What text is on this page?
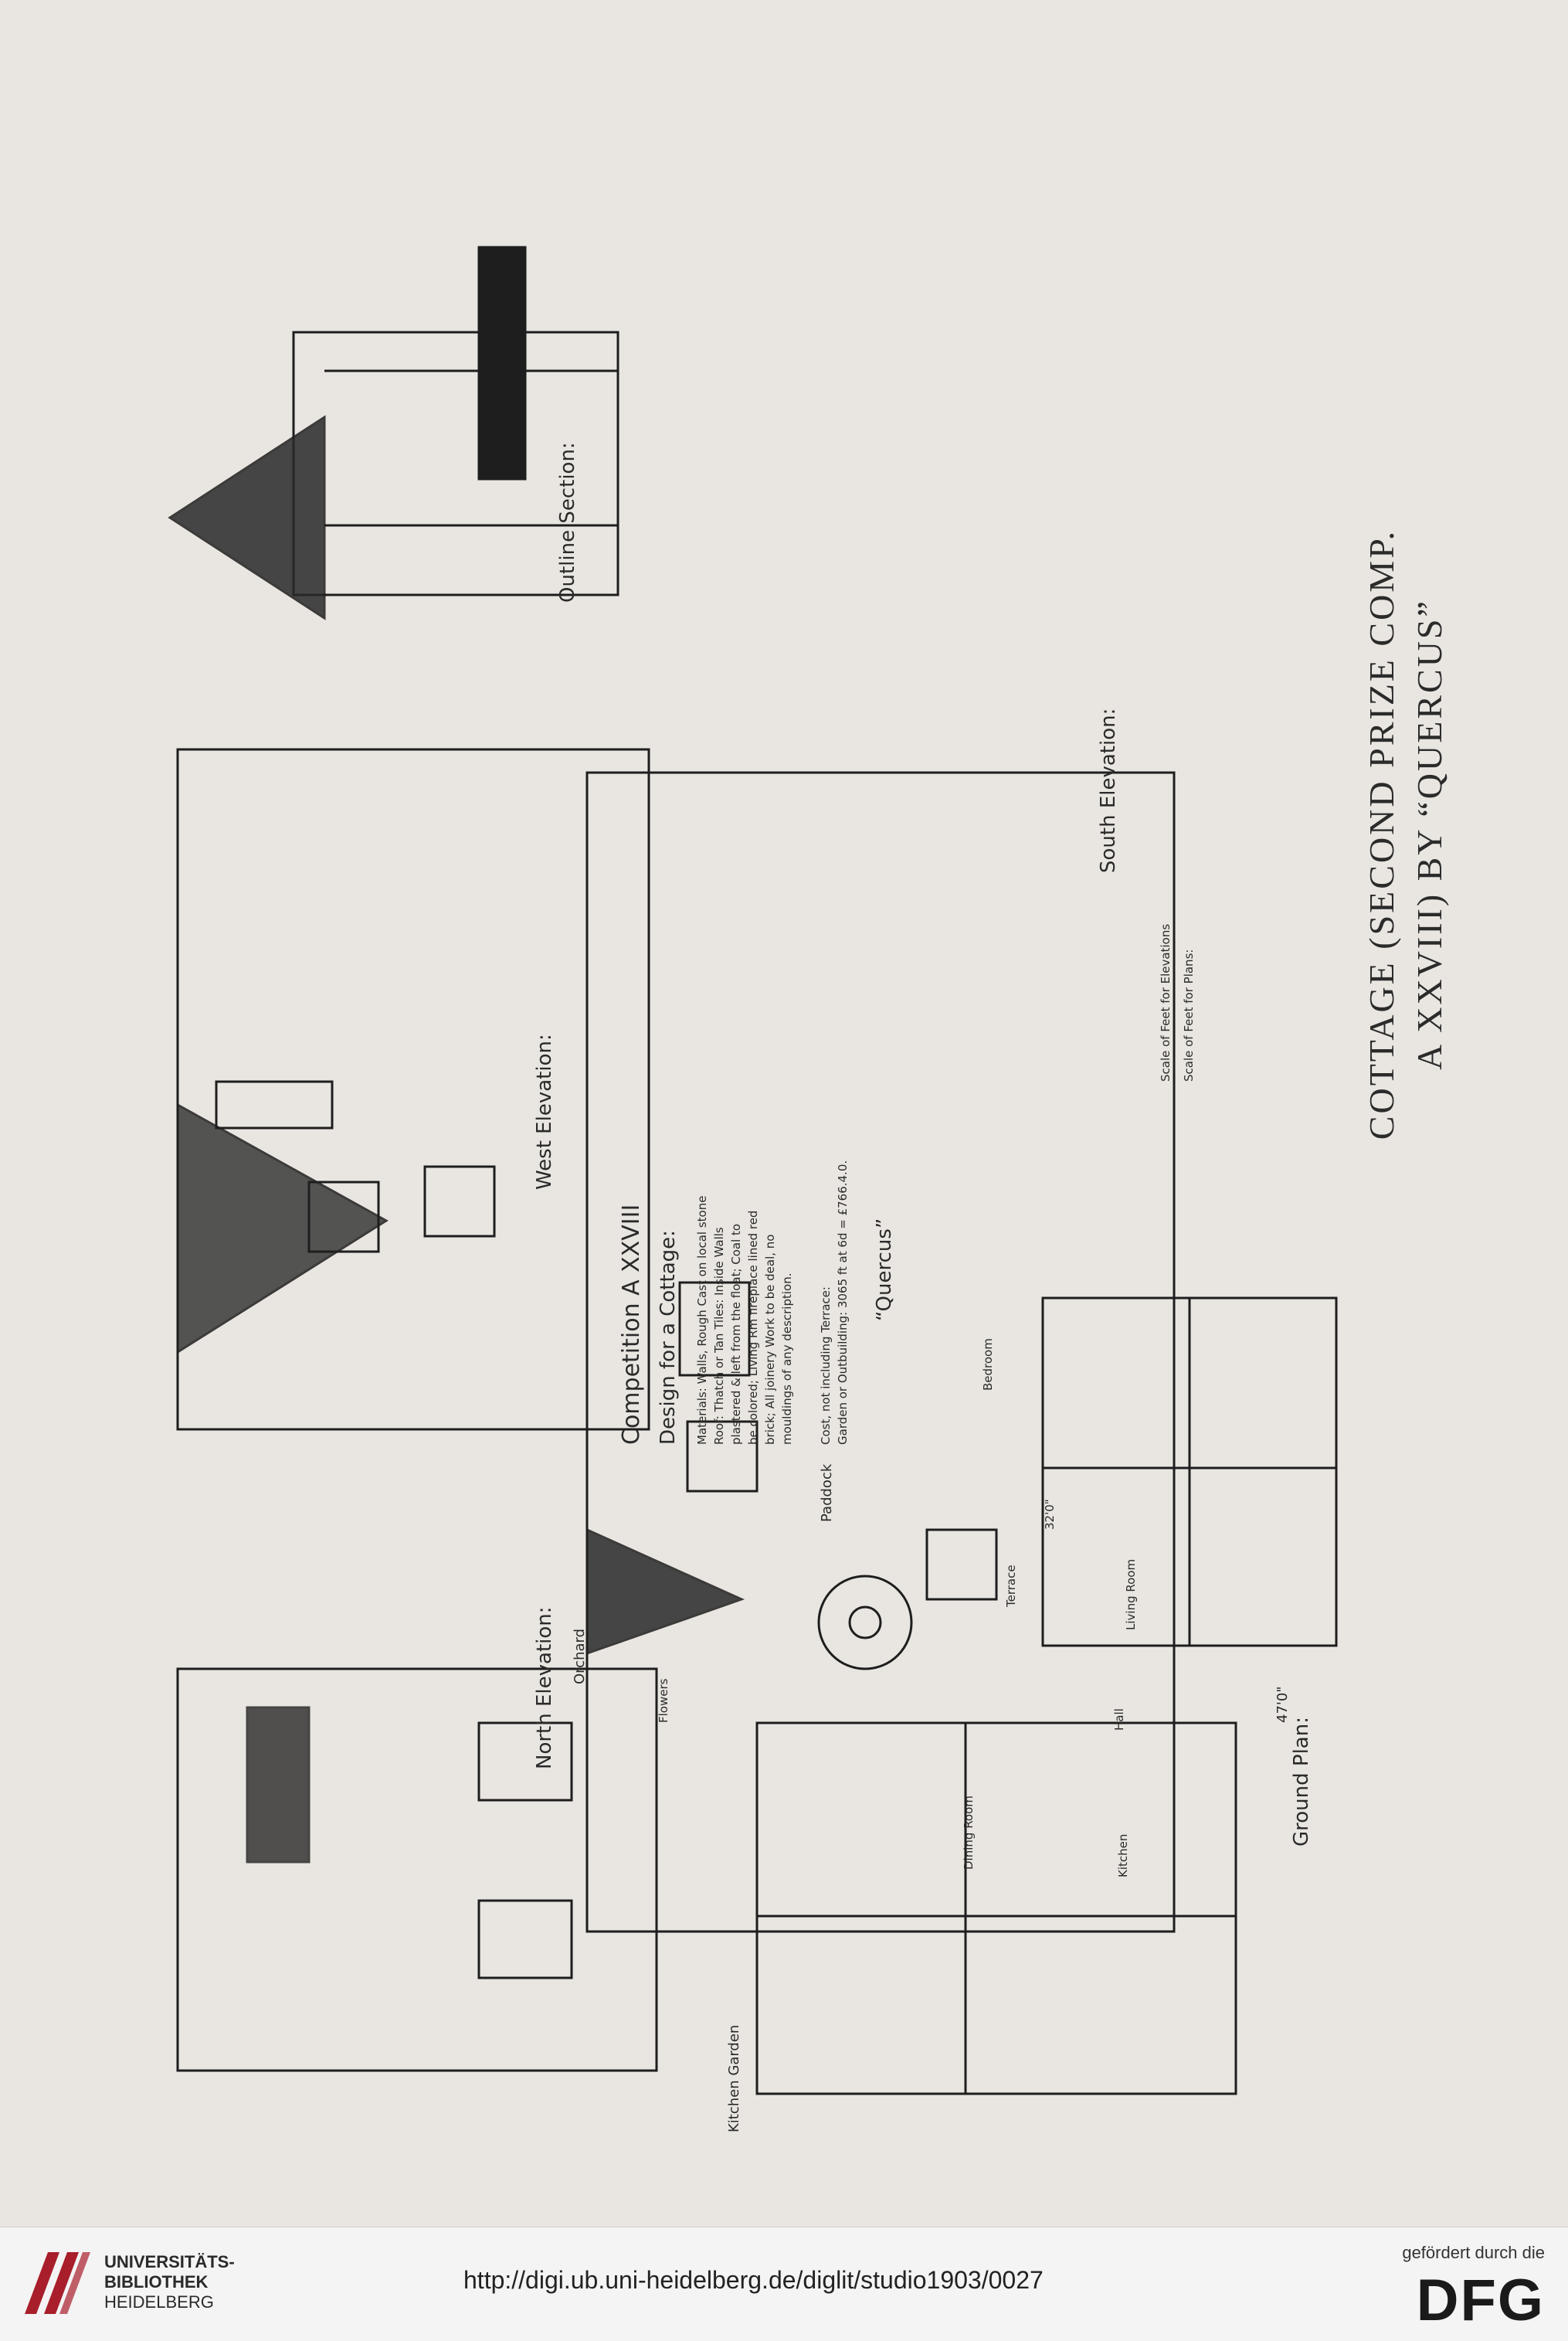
Outline Section:
West Elevation:
South Elevation:
North Elevation:
Ground Plan:
Competition A XXVIII Design for a Cottage: Materials: Walls, Rough Cast on local stone Roof: Thatch or Tan Tiles: Inside Walls plastered & left from the float; Coal to be colored; Living Rm fireplace lined red brick; All joinery Work to be deal, no mouldings of any description. Cost, not including Terrace: Garden or Outbuilding: 3065 ft at 6d = £766.4.0. “Quercus”
Scale of Feet for Elevations Scale of Feet for Plans:
Orchard
Kitchen Garden
Paddock
Flowers
Terrace
Hall
Living Room
Dining Room	Kitchen
Bedroom
47'0"
32'0"
COTTAGE (SECOND PRIZE COMP. A XXVIII) BY “QUERCUS”
UNIVERSITÄTS-
BIBLIOTHEK
HEIDELBERG
http://digi.ub.uni-heidelberg.de/diglit/studio1903/0027
gefördert durch die
DFG
